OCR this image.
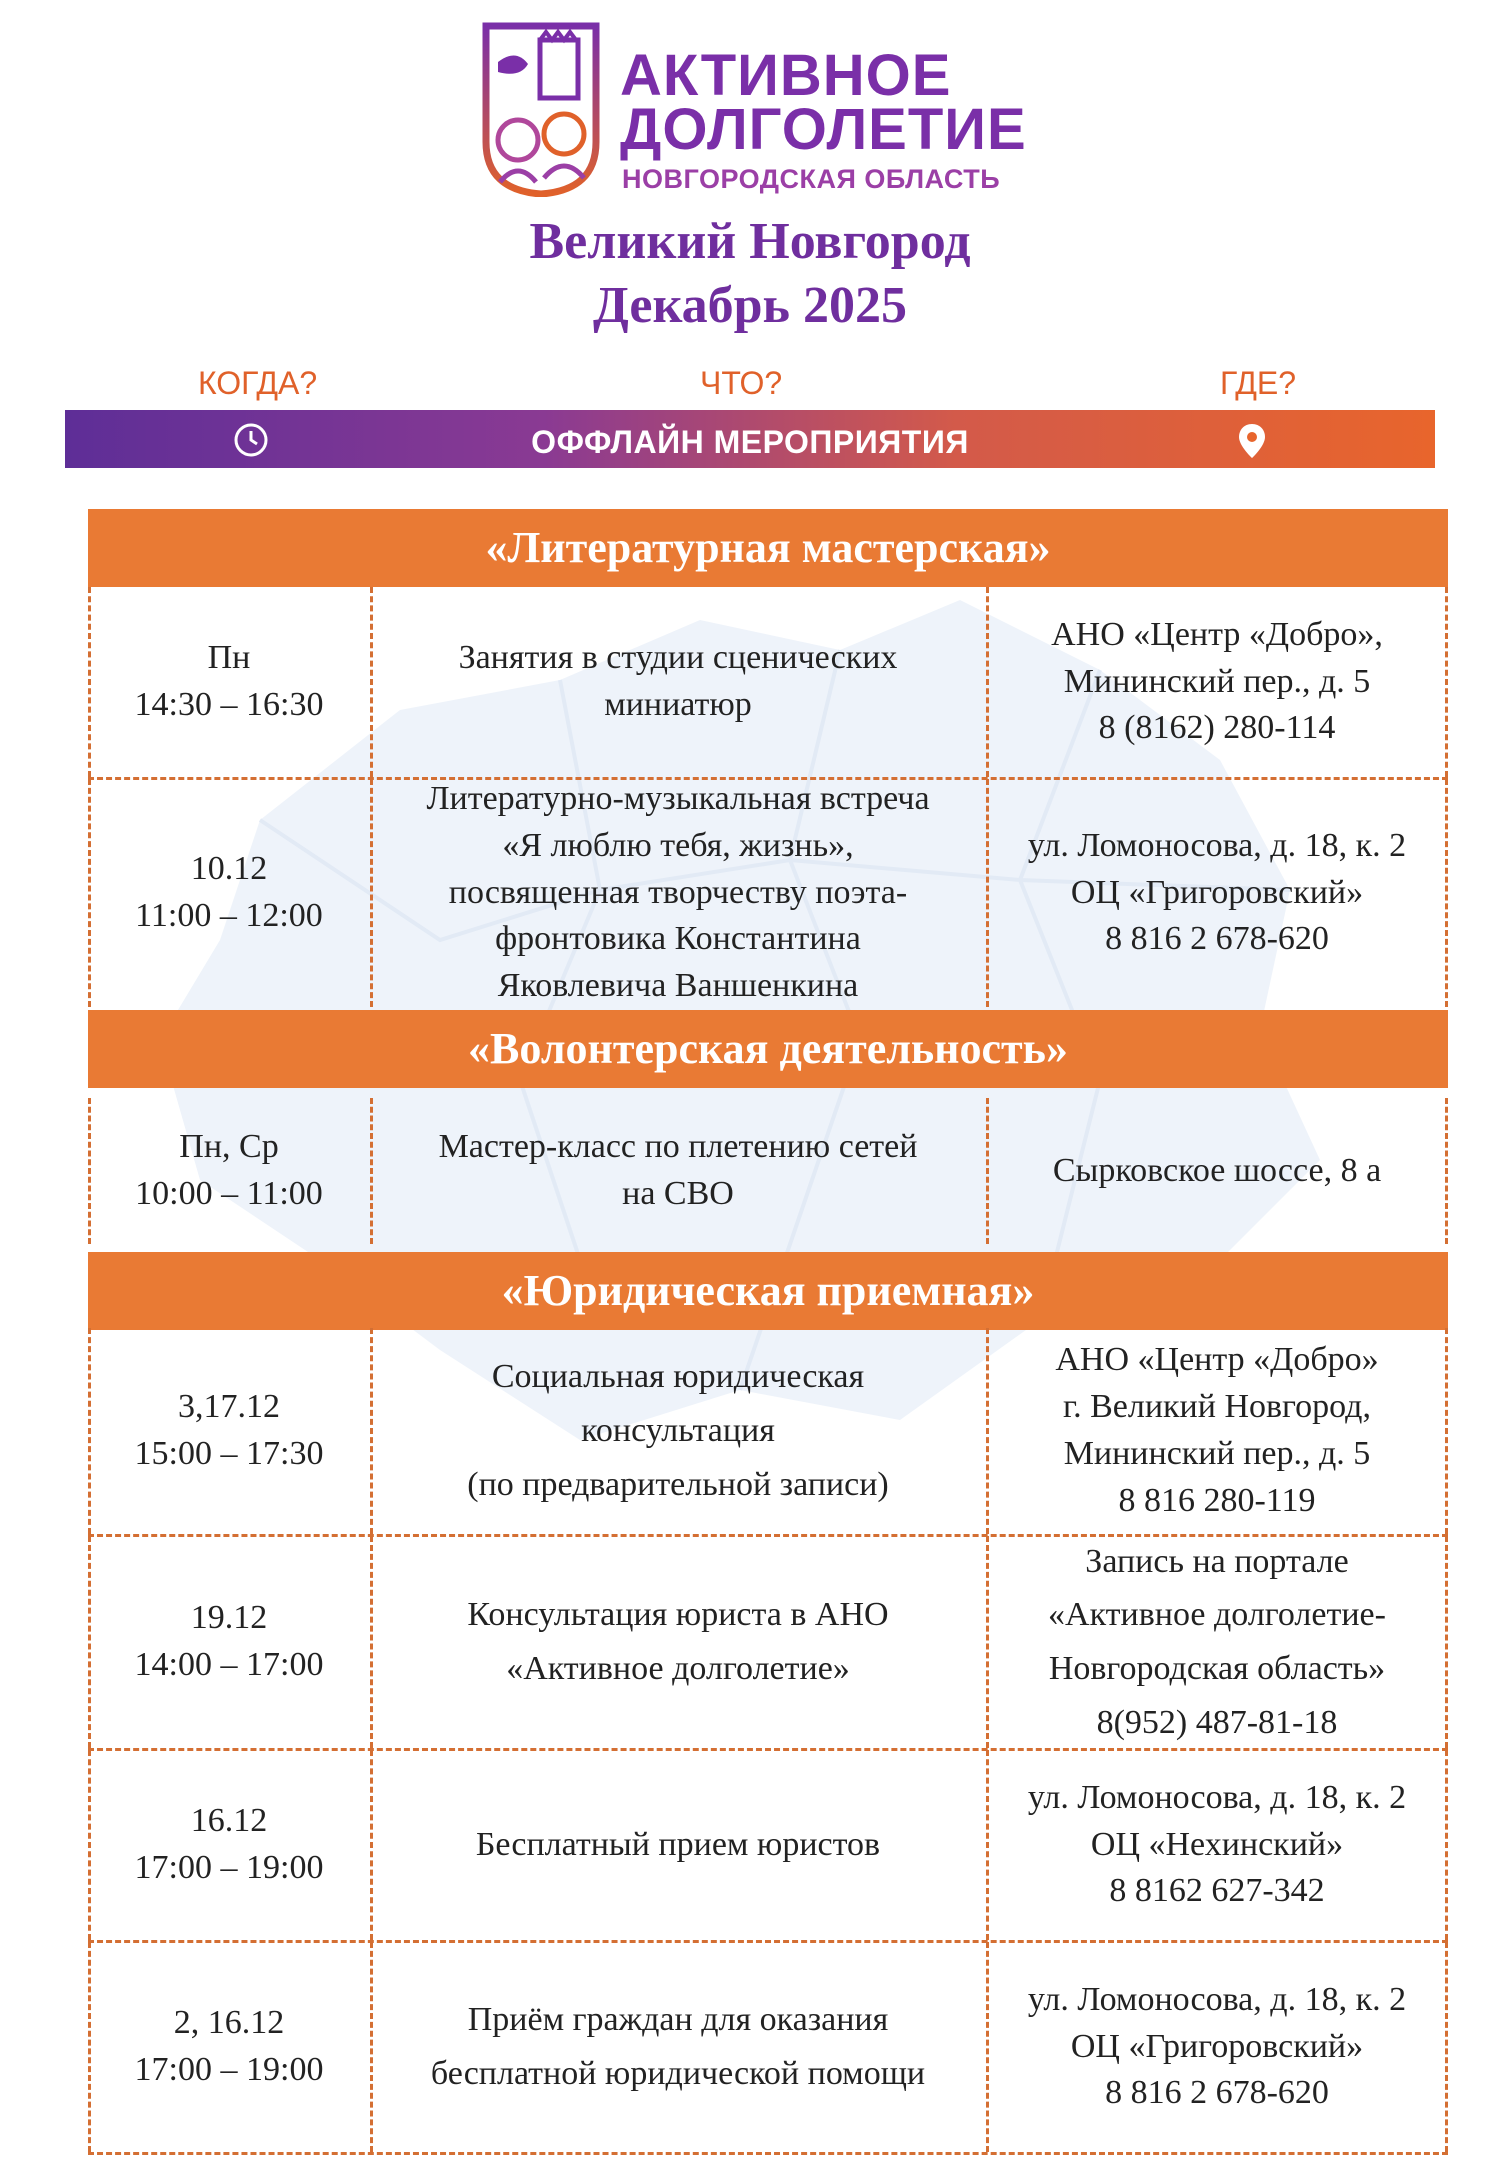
АКТИВНОЕ
ДОЛГОЛЕТИЕ
НОВГОРОДСКАЯ ОБЛАСТЬ
Великий Новгород
Декабрь 2025
КОГДА?	ЧТО?	ГДЕ?
ОФФЛАЙН МЕРОПРИЯТИЯ
«Литературная мастерская»
Пн
14:30 – 16:30
Занятия в студии сценических
миниатюр
АНО «Центр «Добро»,
Мининский пер., д. 5
8 (8162) 280-114
10.12
11:00 – 12:00
Литературно-музыкальная встреча
«Я люблю тебя, жизнь»,
посвященная творчеству поэта-
фронтовика Константина
Яковлевича Ваншенкина
ул. Ломоносова, д. 18, к. 2
ОЦ «Григоровский»
8 816 2 678-620
«Волонтерская деятельность»
Пн, Ср
10:00 – 11:00
Мастер-класс по плетению сетей
на СВО
Сырковское шоссе, 8 а
«Юридическая приемная»
3,17.12
15:00 – 17:30
Социальная юридическая
консультация
(по предварительной записи)
АНО «Центр «Добро»
г. Великий Новгород,
Мининский пер., д. 5
8 816 280-119
19.12
14:00 – 17:00
Консультация юриста в АНО
«Активное долголетие»
Запись на портале
«Активное долголетие-
Новгородская область»
8(952) 487-81-18
16.12
17:00 – 19:00
Бесплатный прием юристов
ул. Ломоносова, д. 18, к. 2
ОЦ «Нехинский»
8 8162 627-342
2, 16.12
17:00 – 19:00
Приём граждан для оказания
бесплатной юридической помощи
ул. Ломоносова, д. 18, к. 2
ОЦ «Григоровский»
8 816 2 678-620
